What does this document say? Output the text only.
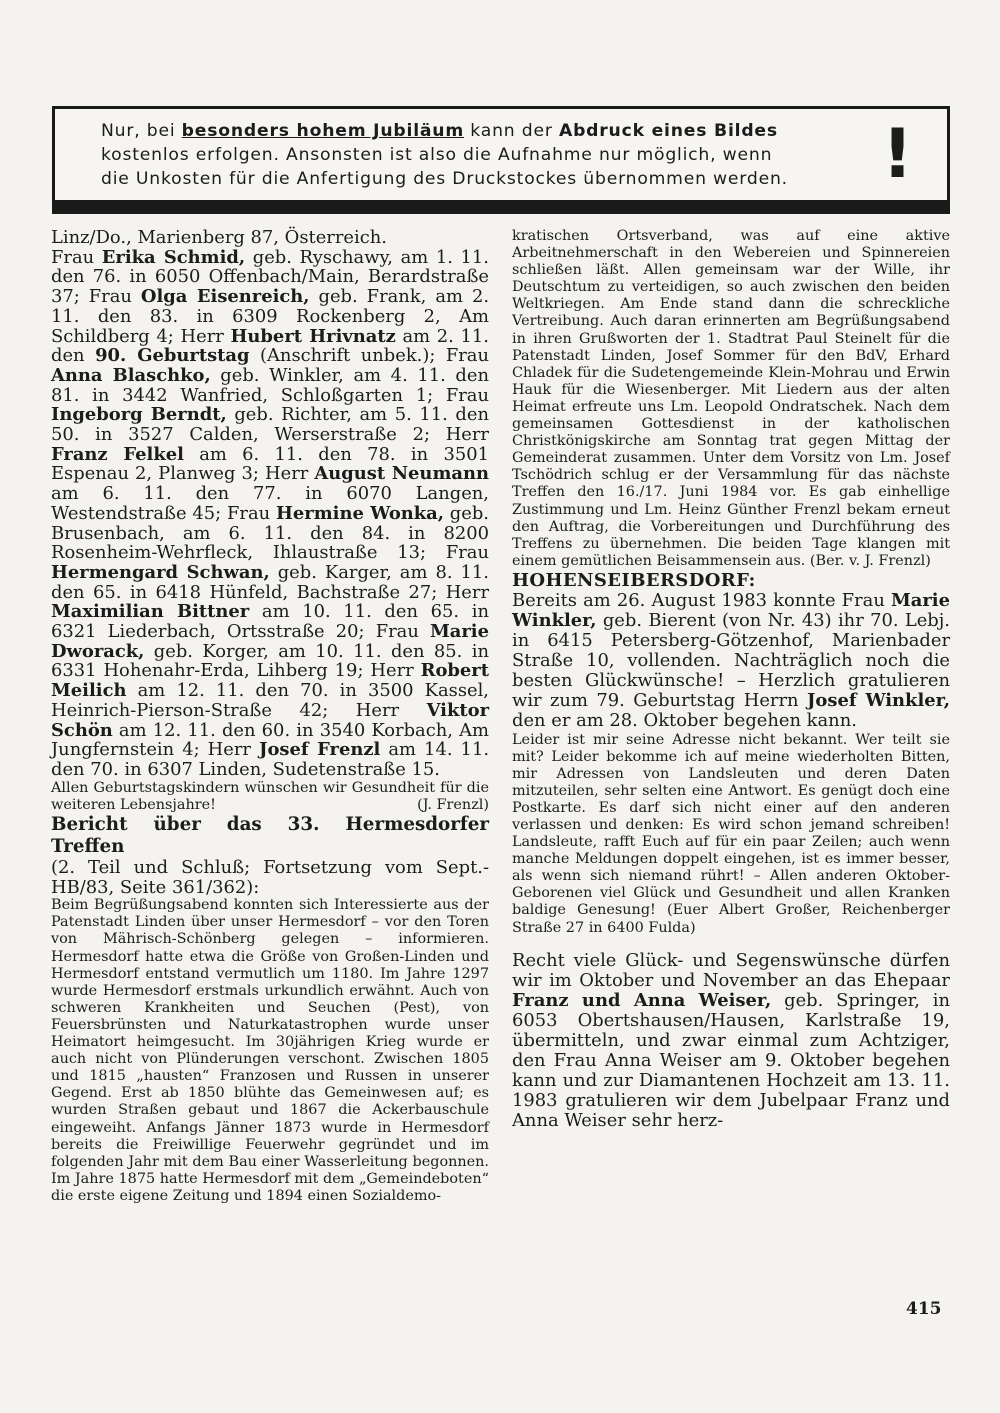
Nur, bei besonders hohem Jubiläum kann der Abdruck eines Bildes

kostenlos erfolgen. Ansonsten ist also die Aufnahme nur möglich, wenn

die Unkosten für die Anfertigung des Druckstockes übernommen werden.	!

Linz/Do., Marienberg 87, Österreich.
Frau Erika Schmid, geb. Ryschawy, am 1. 11. den 76. in 6050 Offenbach/Main, Berardstraße 37; Frau Olga Eisenreich, geb. Frank, am 2. 11. den 83. in 6309 Rockenberg 2, Am Schildberg 4; Herr Hubert Hrivnatz am 2. 11. den 90. Geburtstag (Anschrift unbek.); Frau Anna Blaschko, geb. Winkler, am 4. 11. den 81. in 3442 Wanfried, Schloßgarten 1; Frau Ingeborg Berndt, geb. Richter, am 5. 11. den 50. in 3527 Calden, Werserstraße 2; Herr Franz Felkel am 6. 11. den 78. in 3501 Espenau 2, Planweg 3; Herr August Neumann am 6. 11. den 77. in 6070 Langen, Westendstraße 45; Frau Hermine Wonka, geb. Brusenbach, am 6. 11. den 84. in 8200 Rosenheim-Wehrfleck, Ihlaustraße 13; Frau Hermengard Schwan, geb. Karger, am 8. 11. den 65. in 6418 Hünfeld, Bachstraße 27; Herr Maximilian Bittner am 10. 11. den 65. in 6321 Liederbach, Ortsstraße 20; Frau Marie Dworack, geb. Korger, am 10. 11. den 85. in 6331 Hohenahr-Erda, Lihberg 19; Herr Robert Meilich am 12. 11. den 70. in 3500 Kassel, Heinrich-Pierson-Straße 42; Herr Viktor Schön am 12. 11. den 60. in 3540 Korbach, Am Jungfernstein 4; Herr Josef Frenzl am 14. 11. den 70. in 6307 Linden, Sudetenstraße 15.

Allen Geburtstagskindern wünschen wir Gesundheit für die weiteren Lebensjahre!	(J. Frenzl)

Bericht über das 33. Hermesdorfer Treffen

(2. Teil und Schluß; Fortsetzung vom Sept.-HB/83, Seite 361/362):

Beim Begrüßungsabend konnten sich Interessierte aus der Patenstadt Linden über unser Hermesdorf – vor den Toren von Mährisch-Schönberg gelegen – informieren. Hermesdorf hatte etwa die Größe von Großen-Linden und Hermesdorf entstand vermutlich um 1180. Im Jahre 1297 wurde Hermesdorf erstmals urkundlich erwähnt. Auch von schweren Krankheiten und Seuchen (Pest), von Feuersbrünsten und Naturkatastrophen wurde unser Heimatort heimgesucht. Im 30jährigen Krieg wurde er auch nicht von Plünderungen verschont. Zwischen 1805 und 1815 „hausten“ Franzosen und Russen in unserer Gegend. Erst ab 1850 blühte das Gemeinwesen auf; es wurden Straßen gebaut und 1867 die Ackerbauschule eingeweiht. Anfangs Jänner 1873 wurde in Hermesdorf bereits die Freiwillige Feuerwehr gegründet und im folgenden Jahr mit dem Bau einer Wasserleitung begonnen. Im Jahre 1875 hatte Hermesdorf mit dem „Gemeindeboten“ die erste eigene Zeitung und 1894 einen Sozialdemo-

kratischen Ortsverband, was auf eine aktive Arbeitnehmerschaft in den Webereien und Spinnereien schließen läßt. Allen gemeinsam war der Wille, ihr Deutschtum zu verteidigen, so auch zwischen den beiden Weltkriegen. Am Ende stand dann die schreckliche Vertreibung. Auch daran erinnerten am Begrüßungsabend in ihren Grußworten der 1. Stadtrat Paul Steinelt für die Patenstadt Linden, Josef Sommer für den BdV, Erhard Chladek für die Sudetengemeinde Klein-Mohrau und Erwin Hauk für die Wiesenberger. Mit Liedern aus der alten Heimat erfreute uns Lm. Leopold Ondratschek. Nach dem gemeinsamen Gottesdienst in der katholischen Christkönigskirche am Sonntag trat gegen Mittag der Gemeinderat zusammen. Unter dem Vorsitz von Lm. Josef Tschödrich schlug er der Versammlung für das nächste Treffen den 16./17. Juni 1984 vor. Es gab einhellige Zustimmung und Lm. Heinz Günther Frenzl bekam erneut den Auftrag, die Vorbereitungen und Durchführung des Treffens zu übernehmen. Die beiden Tage klangen mit einem gemütlichen Beisammensein aus. (Ber. v. J. Frenzl)

HOHENSEIBERSDORF:

Bereits am 26. August 1983 konnte Frau Marie Winkler, geb. Bierent (von Nr. 43) ihr 70. Lebj. in 6415 Petersberg-Götzenhof, Marienbader Straße 10, vollenden. Nachträglich noch die besten Glückwünsche! – Herzlich gratulieren wir zum 79. Geburtstag Herrn Josef Winkler, den er am 28. Oktober begehen kann.

Leider ist mir seine Adresse nicht bekannt. Wer teilt sie mit? Leider bekomme ich auf meine wiederholten Bitten, mir Adressen von Landsleuten und deren Daten mitzuteilen, sehr selten eine Antwort. Es genügt doch eine Postkarte. Es darf sich nicht einer auf den anderen verlassen und denken: Es wird schon jemand schreiben! Landsleute, rafft Euch auf für ein paar Zeilen; auch wenn manche Meldungen doppelt eingehen, ist es immer besser, als wenn sich niemand rührt! – Allen anderen Oktober-Geborenen viel Glück und Gesundheit und allen Kranken baldige Genesung! (Euer Albert Großer, Reichenberger Straße 27 in 6400 Fulda)

Recht viele Glück- und Segenswünsche dürfen wir im Oktober und November an das Ehepaar Franz und Anna Weiser, geb. Springer, in 6053 Obertshausen/Hausen, Karlstraße 19, übermitteln, und zwar einmal zum Achtziger, den Frau Anna Weiser am 9. Oktober begehen kann und zur Diamantenen Hochzeit am 13. 11. 1983 gratulieren wir dem Jubelpaar Franz und Anna Weiser sehr herz-

415
